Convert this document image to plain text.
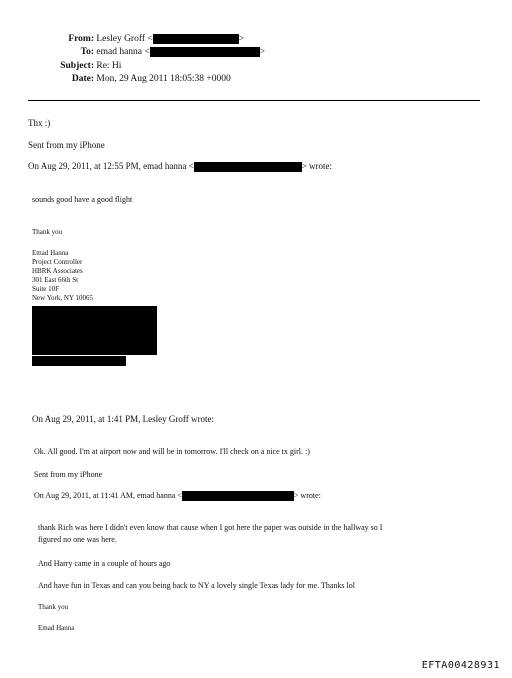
From: Lesley Groff <	>
To: emad hanna <	>
Subject: Re: Hi
Date: Mon, 29 Aug 2011 18:05:38 +0000
Thx :)
Sent from my iPhone
On Aug 29, 2011, at 12:55 PM, emad hanna <	> wrote:
sounds good have a good flight
Thank you
Emad Hanna
Project Controller
HBRK Associates
301 East 66th St
Suite 10F
New York, NY 10065
On Aug 29, 2011, at 1:41 PM, Lesley Groff wrote:
Ok. All good. I'm at airport now and will be in tomorrow. I'll check on a nice tx girl. :)
Sent from my iPhone
On Aug 29, 2011, at 11:41 AM, emad hanna <	> wrote:
thank Rich was here I didn't even know that cause when I got here the paper was outside in the hallway so I
figured no one was here.
And Harry came in a couple of hours ago
And have fun in Texas and can you being back to NY a lovely single Texas lady for me. Thanks lol
Thank you
Emad Hanna
EFTA00428931
